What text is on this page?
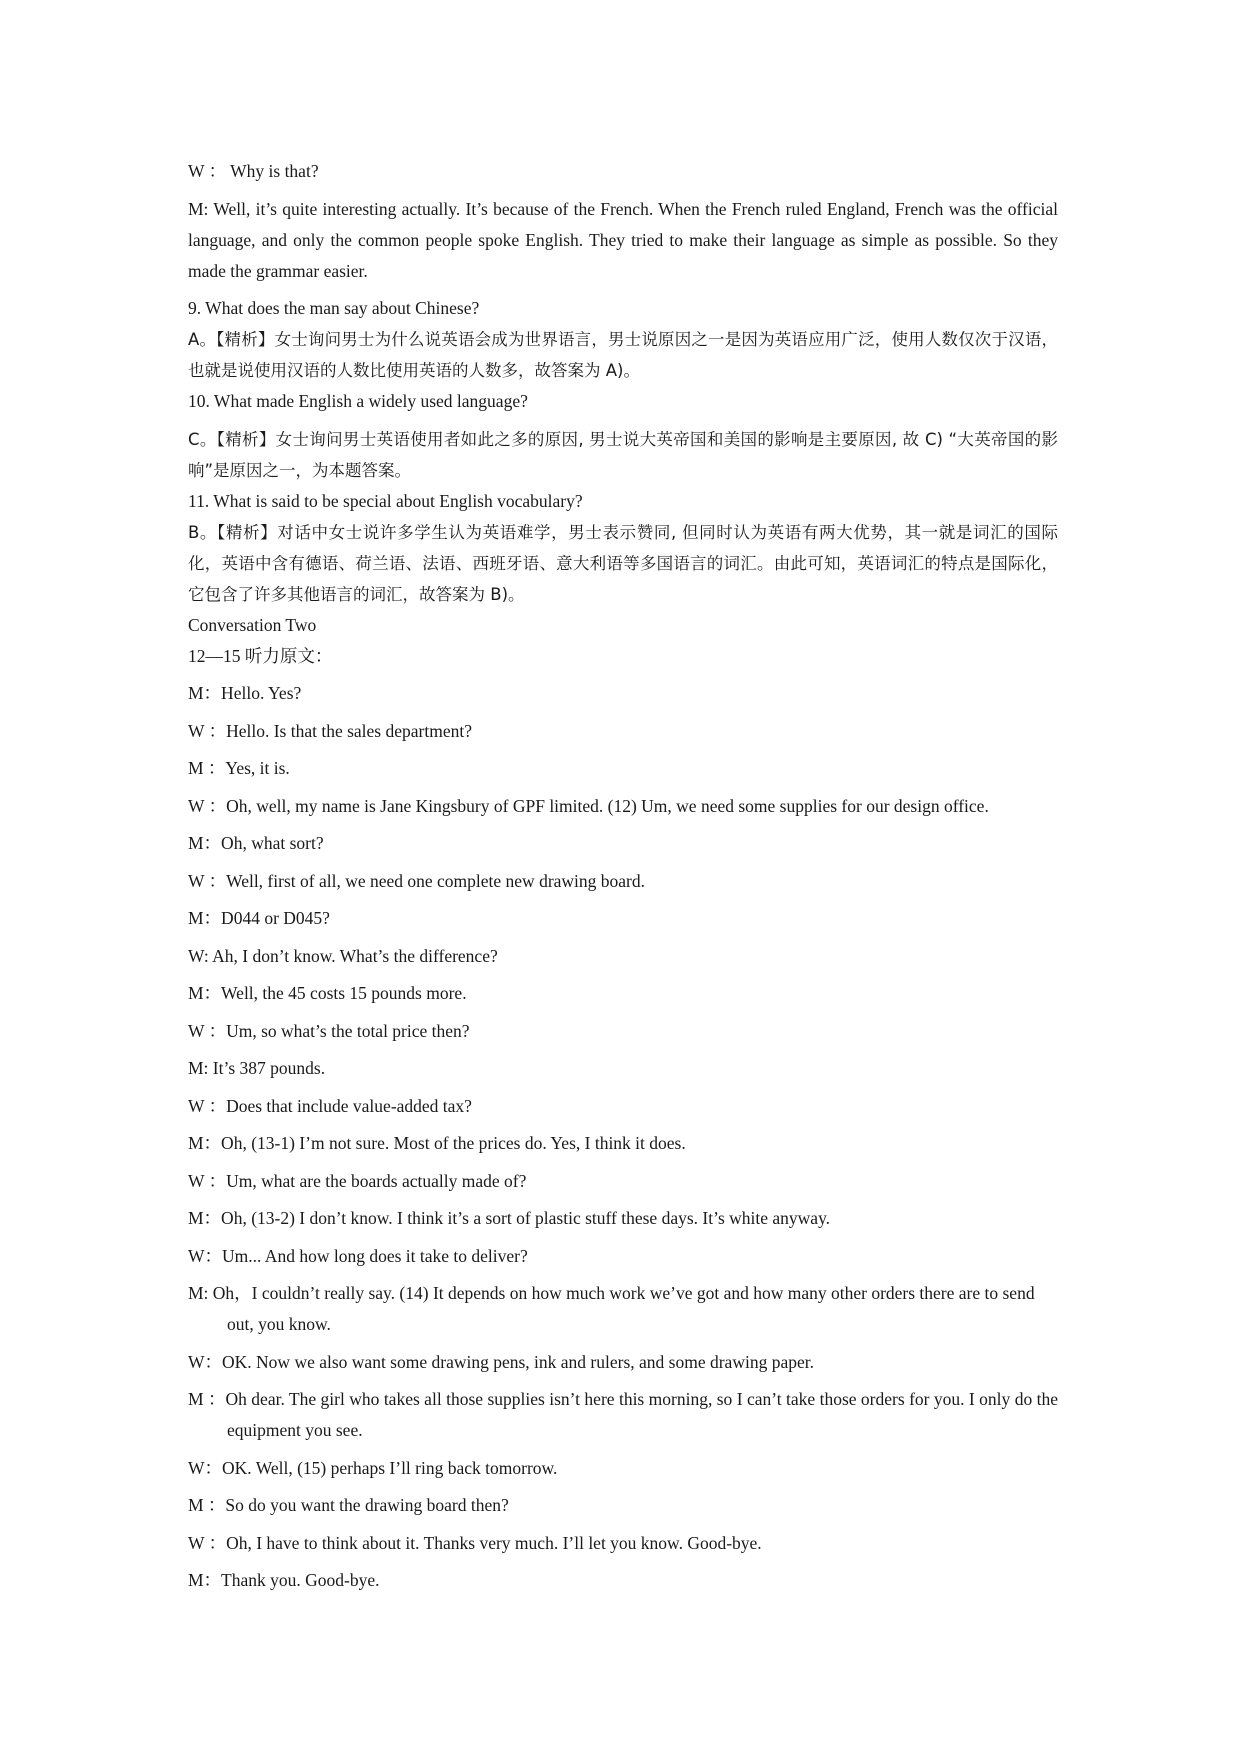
W ： Why is that?

M: Well, it’s quite interesting actually. It’s because of the French. When the French ruled England, French was the official language, and only the common people spoke English. They tried to make their language as simple as possible. So they made the grammar easier.

9. What does the man say about Chinese?

A。【精析】女士询问男士为什么说英语会成为世界语言，男士说原因之一是因为英语应用广泛，使用人数仅次于汉语，也就是说使用汉语的人数比使用英语的人数多，故答案为 A)。

10. What made English a widely used language?

C。【精析】女士询问男士英语使用者如此之多的原因, 男士说大英帝国和美国的影响是主要原因, 故 C) “大英帝国的影响”是原因之一，为本题答案。

11. What is said to be special about English vocabulary?

B。【精析】对话中女士说许多学生认为英语难学，男士表示赞同, 但同时认为英语有两大优势，其一就是词汇的国际化，英语中含有德语、荷兰语、法语、西班牙语、意大利语等多国语言的词汇。由此可知，英语词汇的特点是国际化，它包含了许多其他语言的词汇，故答案为 B)。

Conversation Two

12—15 听力原文：

M：Hello. Yes?

W ：Hello. Is that the sales department?

M ：Yes, it is.

W ：Oh, well, my name is Jane Kingsbury of GPF limited. (12) Um, we need some supplies for our design office.

M：Oh, what sort?

W ：Well, first of all, we need one complete new drawing board.

M：D044 or D045?

W: Ah, I don’t know. What’s the difference?

M：Well, the 45 costs 15 pounds more.

W ：Um, so what’s the total price then?

M: It’s 387 pounds.

W ：Does that include value-added tax?

M：Oh, (13-1) I’m not sure. Most of the prices do. Yes, I think it does.

W ：Um, what are the boards actually made of?

M：Oh, (13-2) I don’t know. I think it’s a sort of plastic stuff these days. It’s white anyway.

W：Um... And how long does it take to deliver?

M: Oh，I couldn’t really say. (14) It depends on how much work we’ve got and how many other orders there are to send out, you know.

W：OK. Now we also want some drawing pens, ink and rulers, and some drawing paper.

M ：Oh dear. The girl who takes all those supplies isn’t here this morning, so I can’t take those orders for you. I only do the equipment you see.

W：OK. Well, (15) perhaps I’ll ring back tomorrow.

M ：So do you want the drawing board then?

W ：Oh, I have to think about it. Thanks very much. I’ll let you know. Good-bye.

M：Thank you. Good-bye.
